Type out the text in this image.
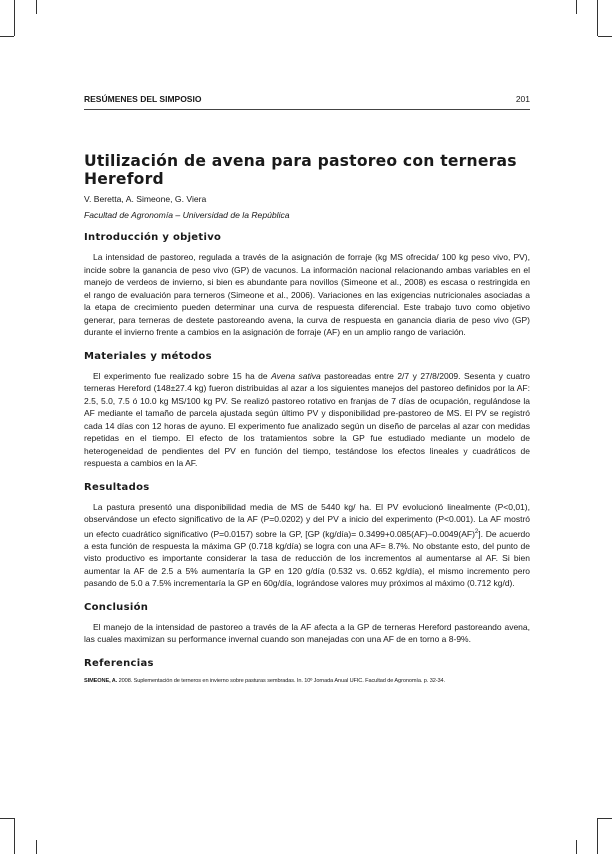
RESÚMENES DEL SIMPOSIO	201
Utilización de avena para pastoreo con terneras Hereford
V. Beretta, A. Simeone, G. Viera
Facultad de Agronomía – Universidad de la República
Introducción y objetivo

La intensidad de pastoreo, regulada a través de la asignación de forraje (kg MS ofrecida/ 100 kg peso vivo, PV), incide sobre la ganancia de peso vivo (GP) de vacunos. La información nacional relacionando ambas variables en el manejo de verdeos de invierno, si bien es abundante para novillos (Simeone et al., 2008) es escasa o restringida en el rango de evaluación para terneros (Simeone et al., 2006). Variaciones en las exigencias nutricionales asociadas a la etapa de crecimiento pueden determinar una curva de respuesta diferencial. Este trabajo tuvo como objetivo generar, para terneras de destete pastoreando avena, la curva de respuesta en ganancia diaria de peso vivo (GP) durante el invierno frente a cambios en la asignación de forraje (AF) en un amplio rango de variación.

Materiales y métodos

El experimento fue realizado sobre 15 ha de Avena sativa pastoreadas entre 2/7 y 27/8/2009. Sesenta y cuatro terneras Hereford (148±27.4 kg) fueron distribuidas al azar a los siguientes manejos del pastoreo definidos por la AF: 2.5, 5.0, 7.5 ó 10.0 kg MS/100 kg PV. Se realizó pastoreo rotativo en franjas de 7 días de ocupación, regulándose la AF mediante el tamaño de parcela ajustada según último PV y disponibilidad pre-pastoreo de MS. El PV se registró cada 14 días con 12 horas de ayuno. El experimento fue analizado según un diseño de parcelas al azar con medidas repetidas en el tiempo. El efecto de los tratamientos sobre la GP fue estudiado mediante un modelo de heterogeneidad de pendientes del PV en función del tiempo, testándose los efectos lineales y cuadráticos de respuesta a cambios en la AF.

Resultados

La pastura presentó una disponibilidad media de MS de 5440 kg/ ha. El PV evolucionó linealmente (P<0,01), observándose un efecto significativo de la AF (P=0.0202) y del PV a inicio del experimento (P<0.001). La AF mostró un efecto cuadrático significativo (P=0.0157) sobre la GP, [GP (kg/día)= 0.3499+0.085(AF)–0.0049(AF)$^2$]. De acuerdo a esta función de respuesta la máxima GP (0.718 kg/día) se logra con una AF= 8.7%. No obstante esto, del punto de visto productivo es importante considerar la tasa de reducción de los incrementos al aumentarse al AF. Si bien aumentar la AF de 2.5 a 5% aumentaría la GP en 120 g/día (0.532 vs. 0.652 kg/día), el mismo incremento pero pasando de 5.0 a 7.5% incrementaría la GP en 60g/día, lográndose valores muy próximos al máximo (0.712 kg/d).

Conclusión

El manejo de la intensidad de pastoreo a través de la AF afecta a la GP de terneras Hereford pastoreando avena, las cuales maximizan su performance invernal cuando son manejadas con una AF de en torno a 8-9%.

Referencias
SIMEONE, A. 2008. Suplementación de terneros en invierno sobre pasturas sembradas. In. 10º Jornada Anual UFIC. Facultad de Agronomía. p. 32-34.
